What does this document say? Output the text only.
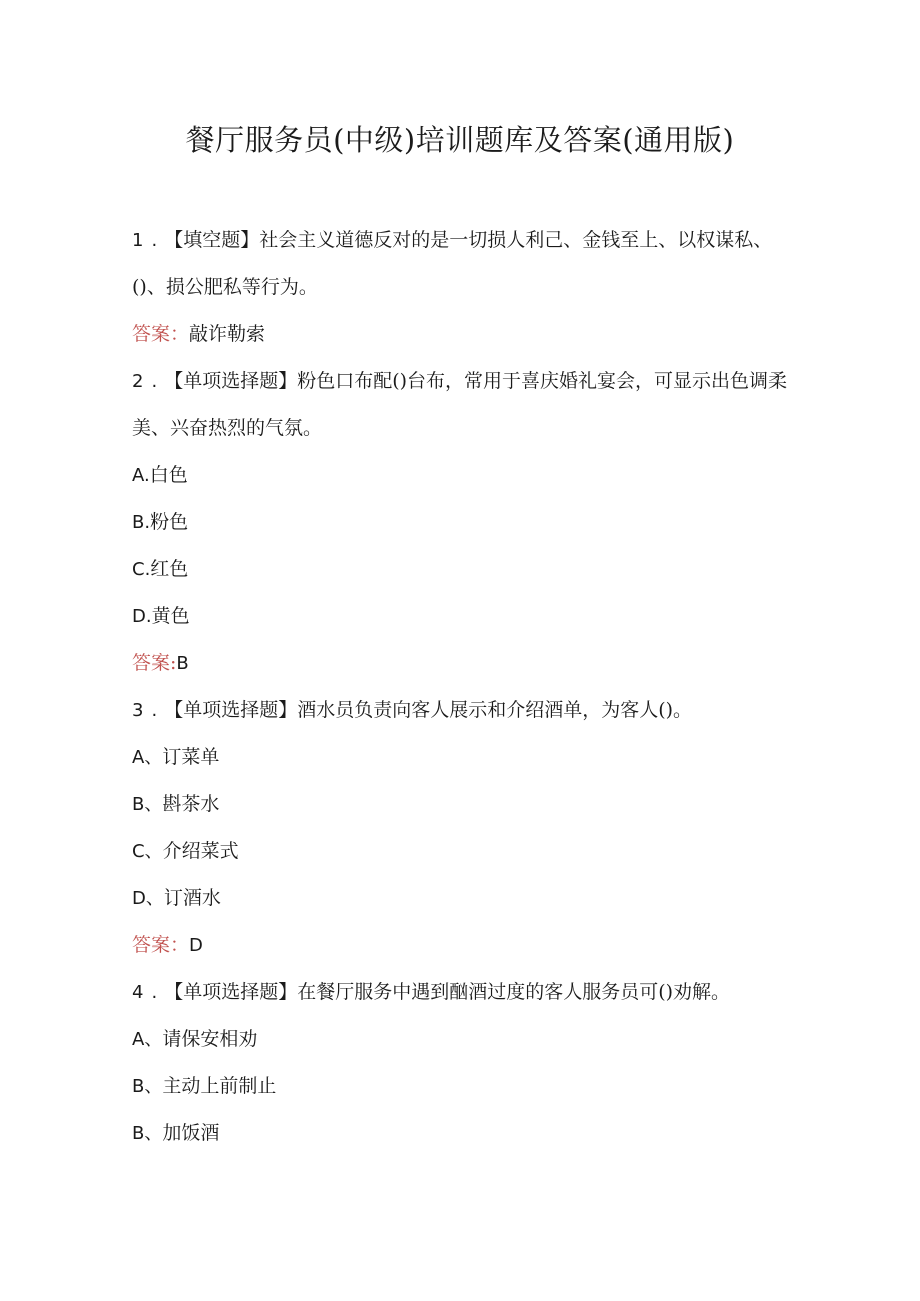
餐厅服务员(中级)培训题库及答案(通用版)

1 . 【填空题】社会主义道德反对的是一切损人利己、金钱至上、以权谋私、()、损公肥私等行为。

答案：敲诈勒索

2 . 【单项选择题】粉色口布配()台布，常用于喜庆婚礼宴会，可显示出色调柔美、兴奋热烈的气氛。

A.白色

B.粉色

C.红色

D.黄色

答案:B

3 . 【单项选择题】酒水员负责向客人展示和介绍酒单，为客人()。

A、订菜单

B、斟茶水

C、介绍菜式

D、订酒水

答案：D

4 . 【单项选择题】在餐厅服务中遇到酗酒过度的客人服务员可()劝解。

A、请保安相劝

B、主动上前制止

B、加饭酒
